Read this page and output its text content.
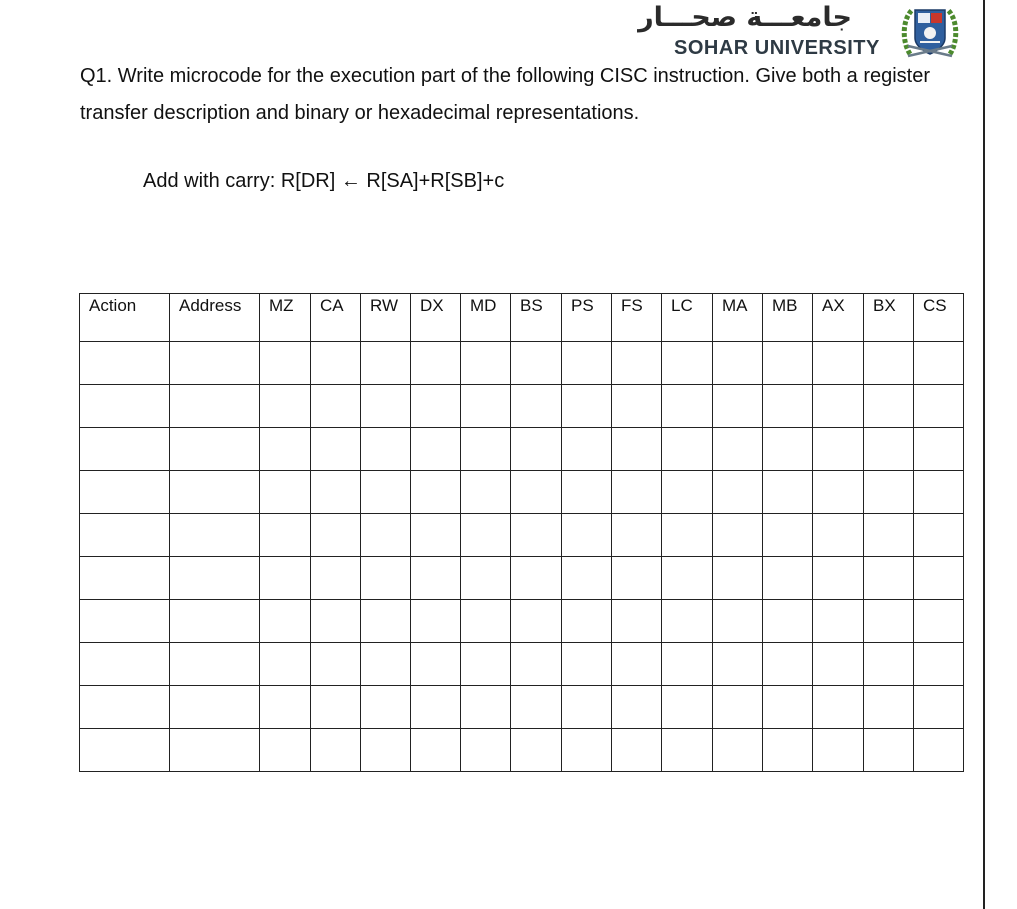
جامعـــة صحـــار
SOHAR UNIVERSITY
Q1. Write microcode for the execution part of the following CISC instruction. Give both a register transfer description and binary or hexadecimal representations.
Add with carry: R[DR] ← R[SA]+R[SB]+c
Action	Address	MZ	CA	RW	DX	MD	BS	PS	FS	LC	MA	MB	AX	BX	CS
